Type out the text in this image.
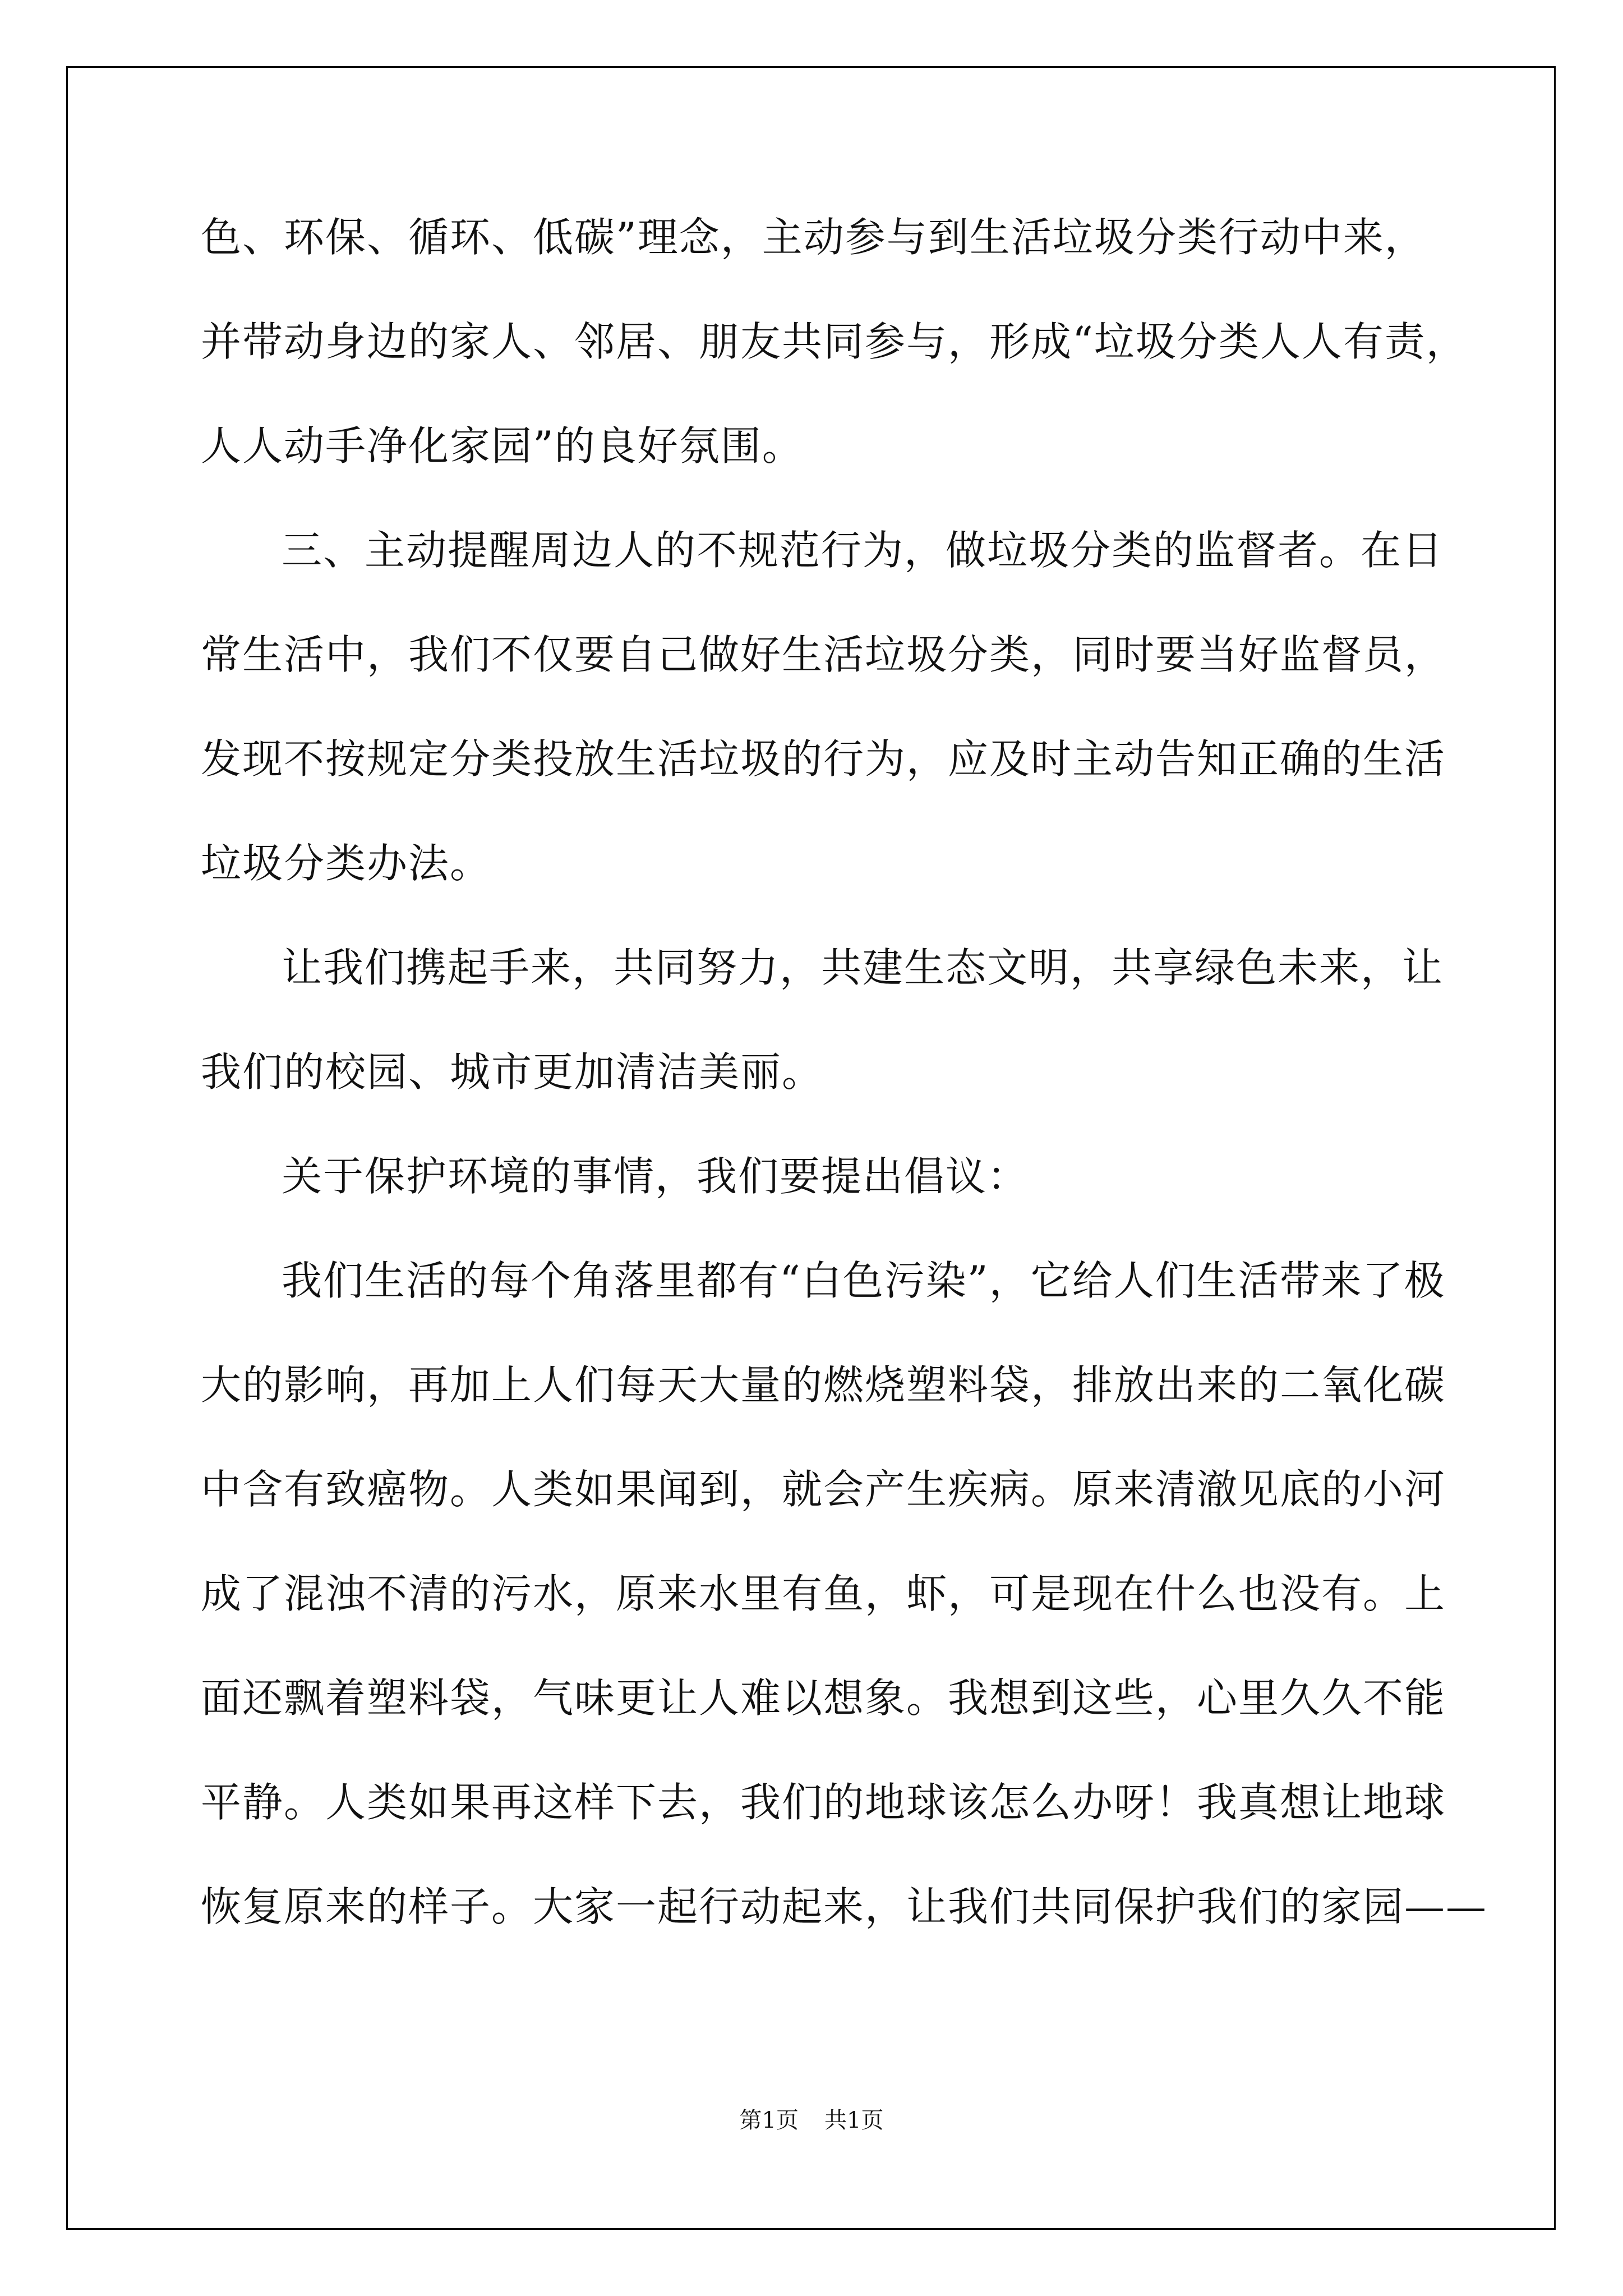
色、环保、循环、低碳”理念，主动参与到生活垃圾分类行动中来，
并带动身边的家人、邻居、朋友共同参与，形成“垃圾分类人人有责，
人人动手净化家园”的良好氛围。
三、主动提醒周边人的不规范行为，做垃圾分类的监督者。在日
常生活中，我们不仅要自己做好生活垃圾分类，同时要当好监督员，
发现不按规定分类投放生活垃圾的行为，应及时主动告知正确的生活
垃圾分类办法。
让我们携起手来，共同努力，共建生态文明，共享绿色未来，让
我们的校园、城市更加清洁美丽。
关于保护环境的事情，我们要提出倡议：
我们生活的每个角落里都有“白色污染”，它给人们生活带来了极
大的影响，再加上人们每天大量的燃烧塑料袋，排放出来的二氧化碳
中含有致癌物。人类如果闻到，就会产生疾病。原来清澈见底的小河
成了混浊不清的污水，原来水里有鱼，虾，可是现在什么也没有。上
面还飘着塑料袋，气味更让人难以想象。我想到这些，心里久久不能
平静。人类如果再这样下去，我们的地球该怎么办呀！我真想让地球
恢复原来的样子。大家一起行动起来，让我们共同保护我们的家园——
第1页 共1页
